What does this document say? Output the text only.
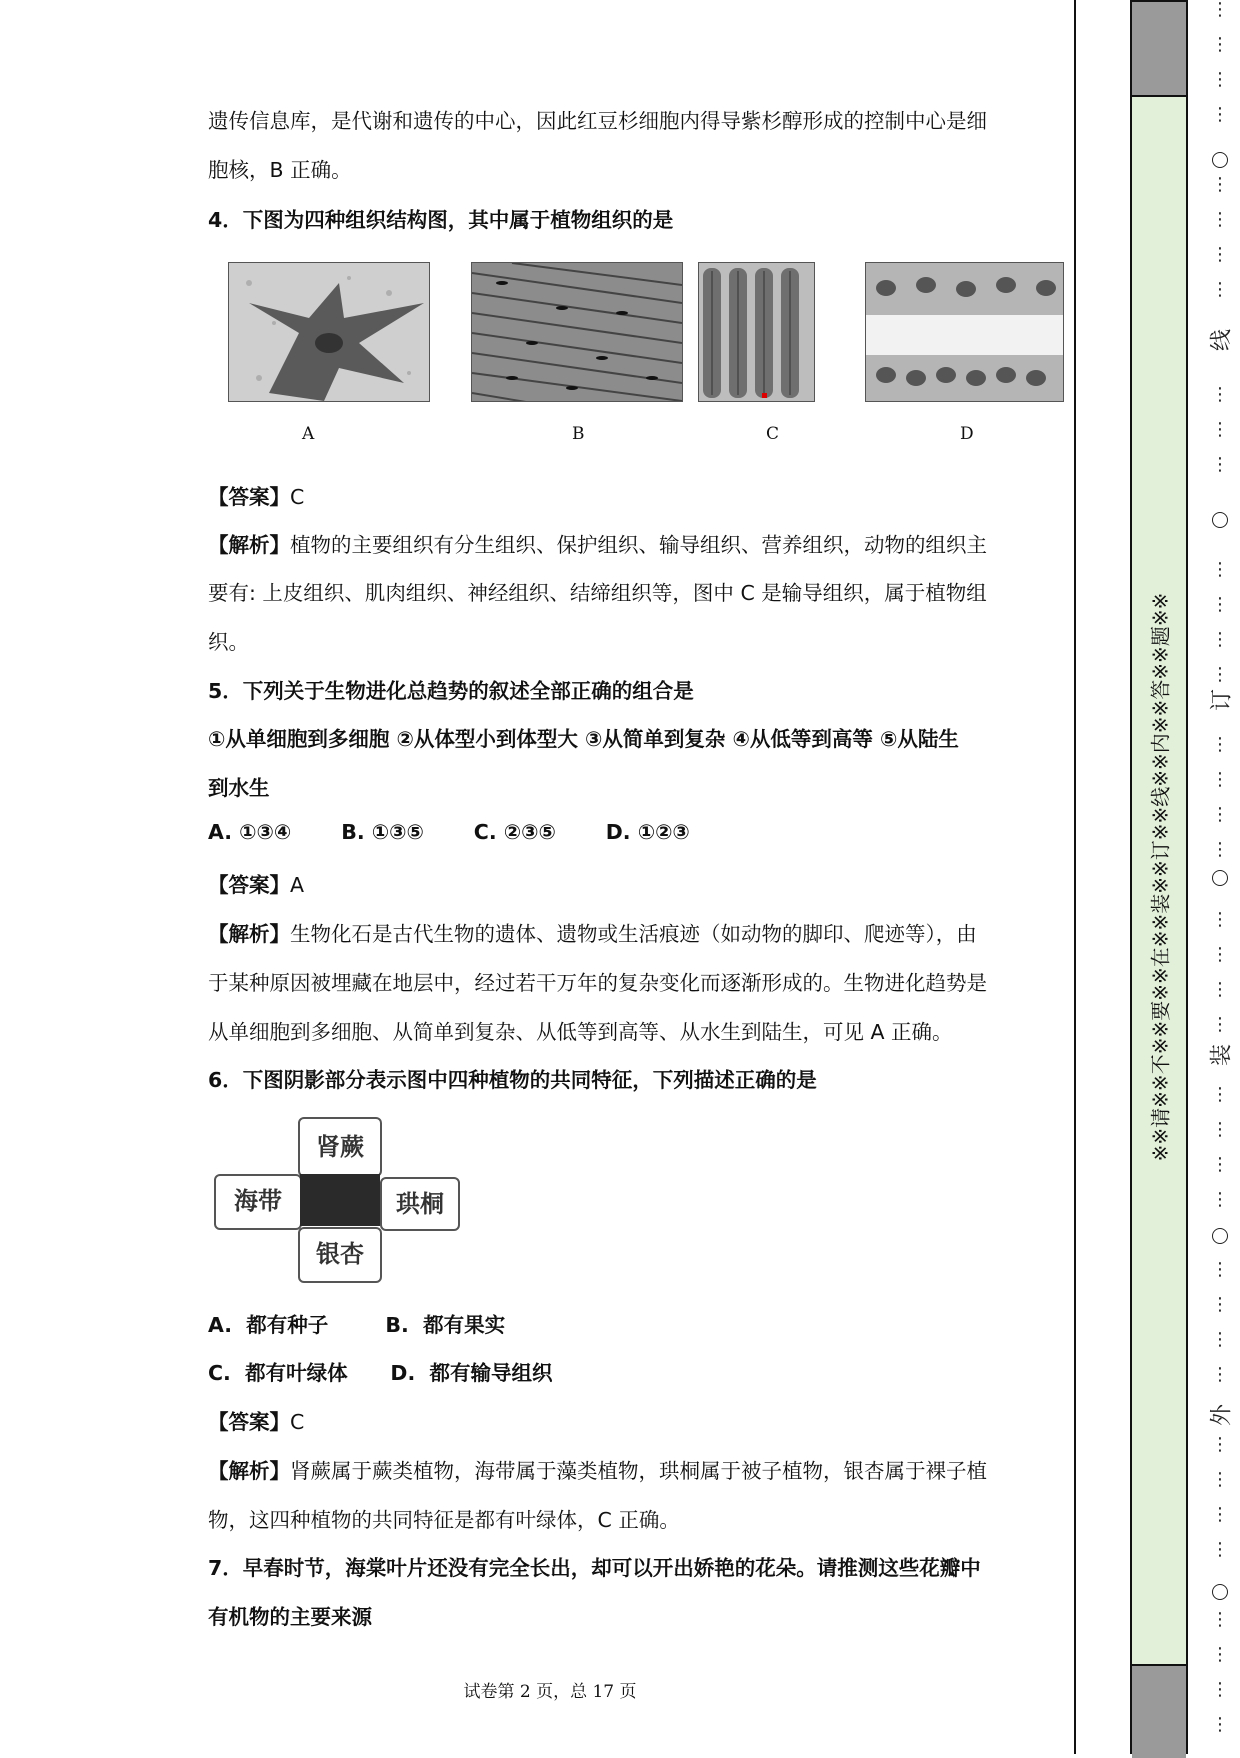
遗传信息库，是代谢和遗传的中心，因此红豆杉细胞内得导紫杉醇形成的控制中心是细
胞核，B 正确。
4．下图为四种组织结构图，其中属于植物组织的是
【答案】C
【解析】植物的主要组织有分生组织、保护组织、输导组织、营养组织，动物的组织主
要有: 上皮组织、肌肉组织、神经组织、结缔组织等，图中 C 是输导组织，属于植物组
织。
5．下列关于生物进化总趋势的叙述全部正确的组合是
①从单细胞到多细胞 ②从体型小到体型大 ③从简单到复杂 ④从低等到高等 ⑤从陆生
到水生
A. ①③④       B. ①③⑤       C. ②③⑤       D. ①②③
【答案】A
【解析】生物化石是古代生物的遗体、遗物或生活痕迹（如动物的脚印、爬迹等），由
于某种原因被埋藏在地层中，经过若干万年的复杂变化而逐渐形成的。生物进化趋势是
从单细胞到多细胞、从简单到复杂、从低等到高等、从水生到陆生，可见 A 正确。
6．下图阴影部分表示图中四种植物的共同特征，下列描述正确的是
A.  都有种子        B.  都有果实
C.  都有叶绿体      D.  都有输导组织
【答案】C
【解析】肾蕨属于蕨类植物，海带属于藻类植物，珙桐属于被子植物，银杏属于裸子植
物，这四种植物的共同特征是都有叶绿体，C 正确。
7．早春时节，海棠叶片还没有完全长出，却可以开出娇艳的花朵。请推测这些花瓣中
有机物的主要来源
A	B	C	D
肾蕨
海带	珙桐
银杏
试卷第 2 页，总 17 页
※※请※※不※※要※※在※※装※※订※※线※※内※※答※※题※※
线
订
装
外
⋮
⋮
⋮
⋮
⋮
⋮
⋮
⋮
⋮
⋮
⋮
⋮
⋮
⋮
⋮
⋮
⋮
⋮
⋮
⋮
⋮
⋮
⋮
⋮
⋮
⋮
⋮
⋮
⋮
⋮
⋮
⋮
⋮
⋮
⋮
⋮
⋮
⋮
⋮
